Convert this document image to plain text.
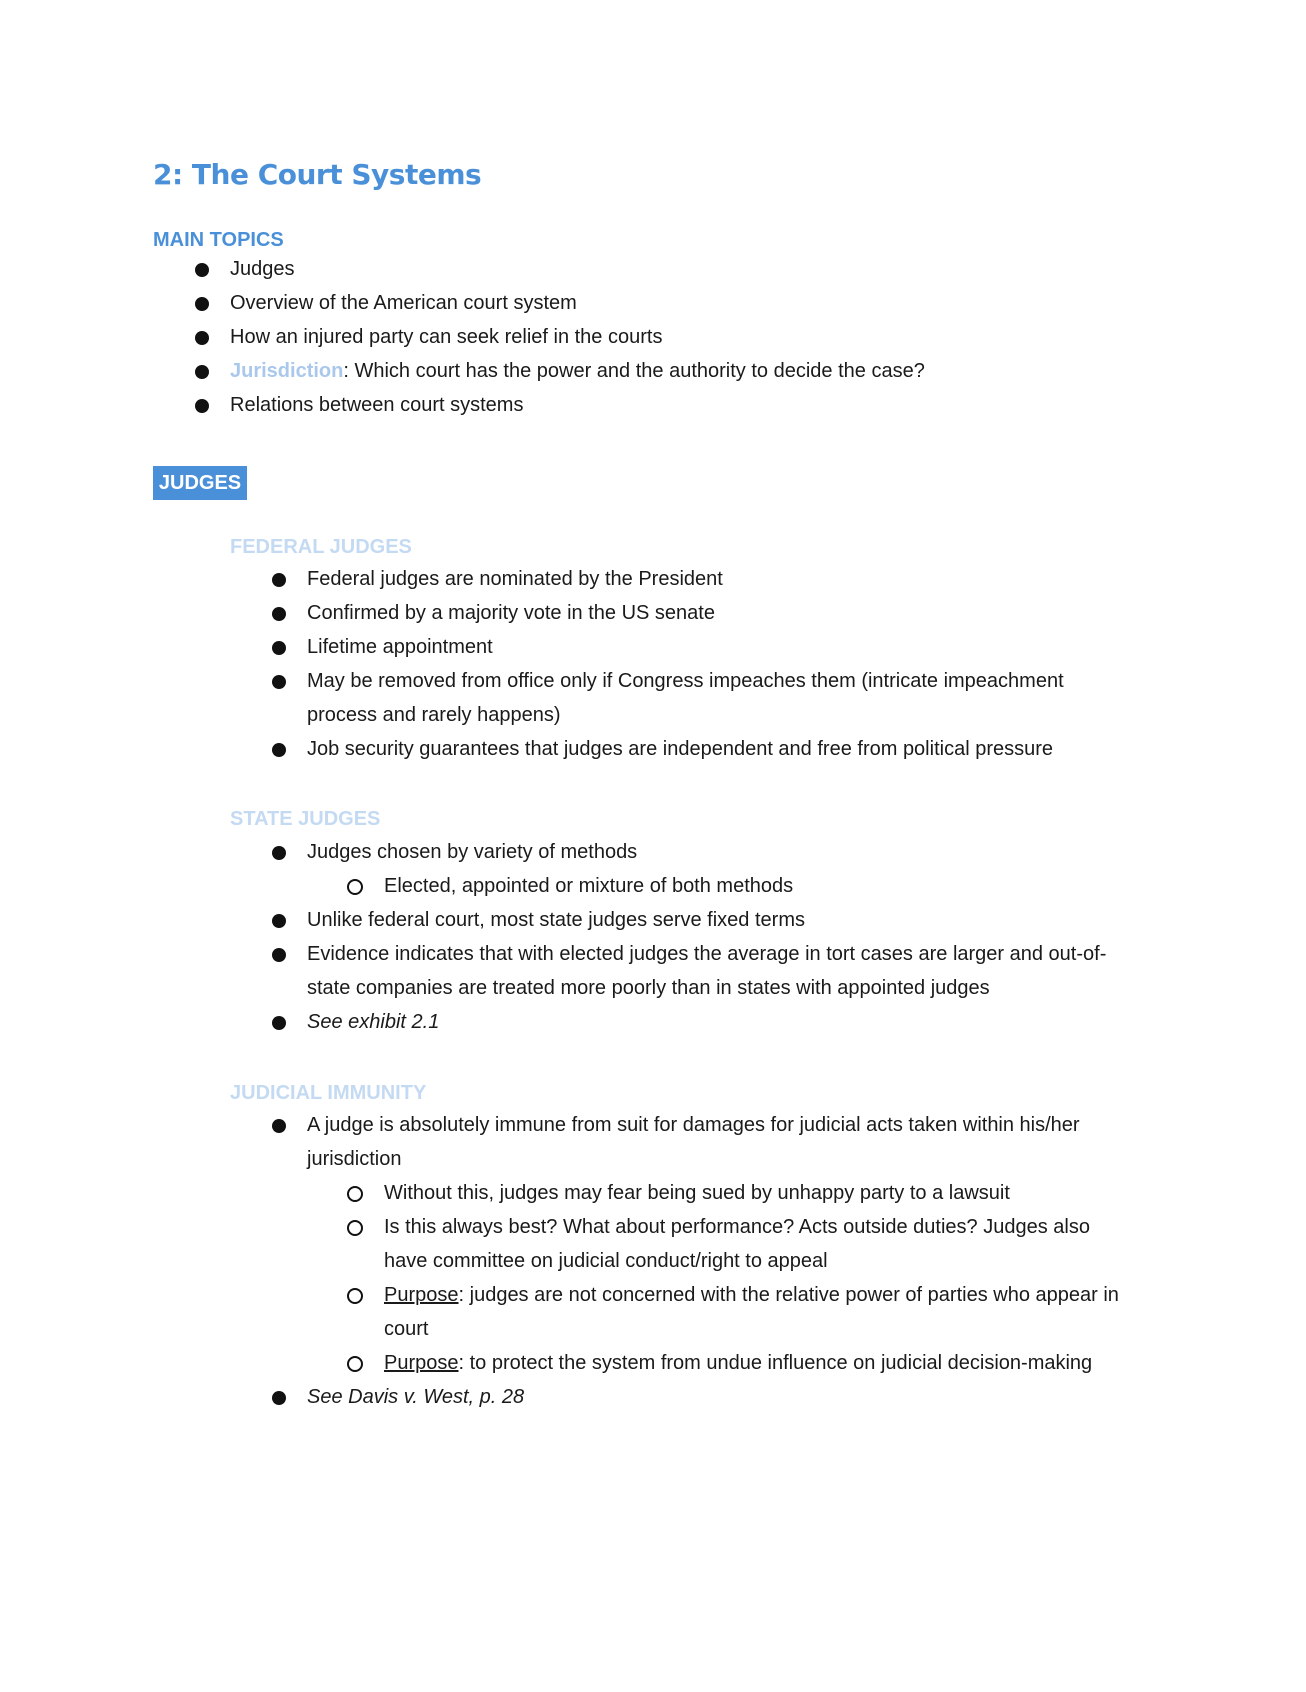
2: The Court Systems
MAIN TOPICS
Judges
Overview of the American court system
How an injured party can seek relief in the courts
Jurisdiction: Which court has the power and the authority to decide the case?
Relations between court systems
JUDGES
FEDERAL JUDGES
Federal judges are nominated by the President
Confirmed by a majority vote in the US senate
Lifetime appointment
May be removed from office only if Congress impeaches them (intricate impeachment
process and rarely happens)
Job security guarantees that judges are independent and free from political pressure
STATE JUDGES
Judges chosen by variety of methods
Elected, appointed or mixture of both methods
Unlike federal court, most state judges serve fixed terms
Evidence indicates that with elected judges the average in tort cases are larger and out-of-
state companies are treated more poorly than in states with appointed judges
See exhibit 2.1
JUDICIAL IMMUNITY
A judge is absolutely immune from suit for damages for judicial acts taken within his/her
jurisdiction
Without this, judges may fear being sued by unhappy party to a lawsuit
Is this always best? What about performance? Acts outside duties? Judges also
have committee on judicial conduct/right to appeal
Purpose: judges are not concerned with the relative power of parties who appear in
court
Purpose: to protect the system from undue influence on judicial decision-making
See Davis v. West, p. 28
